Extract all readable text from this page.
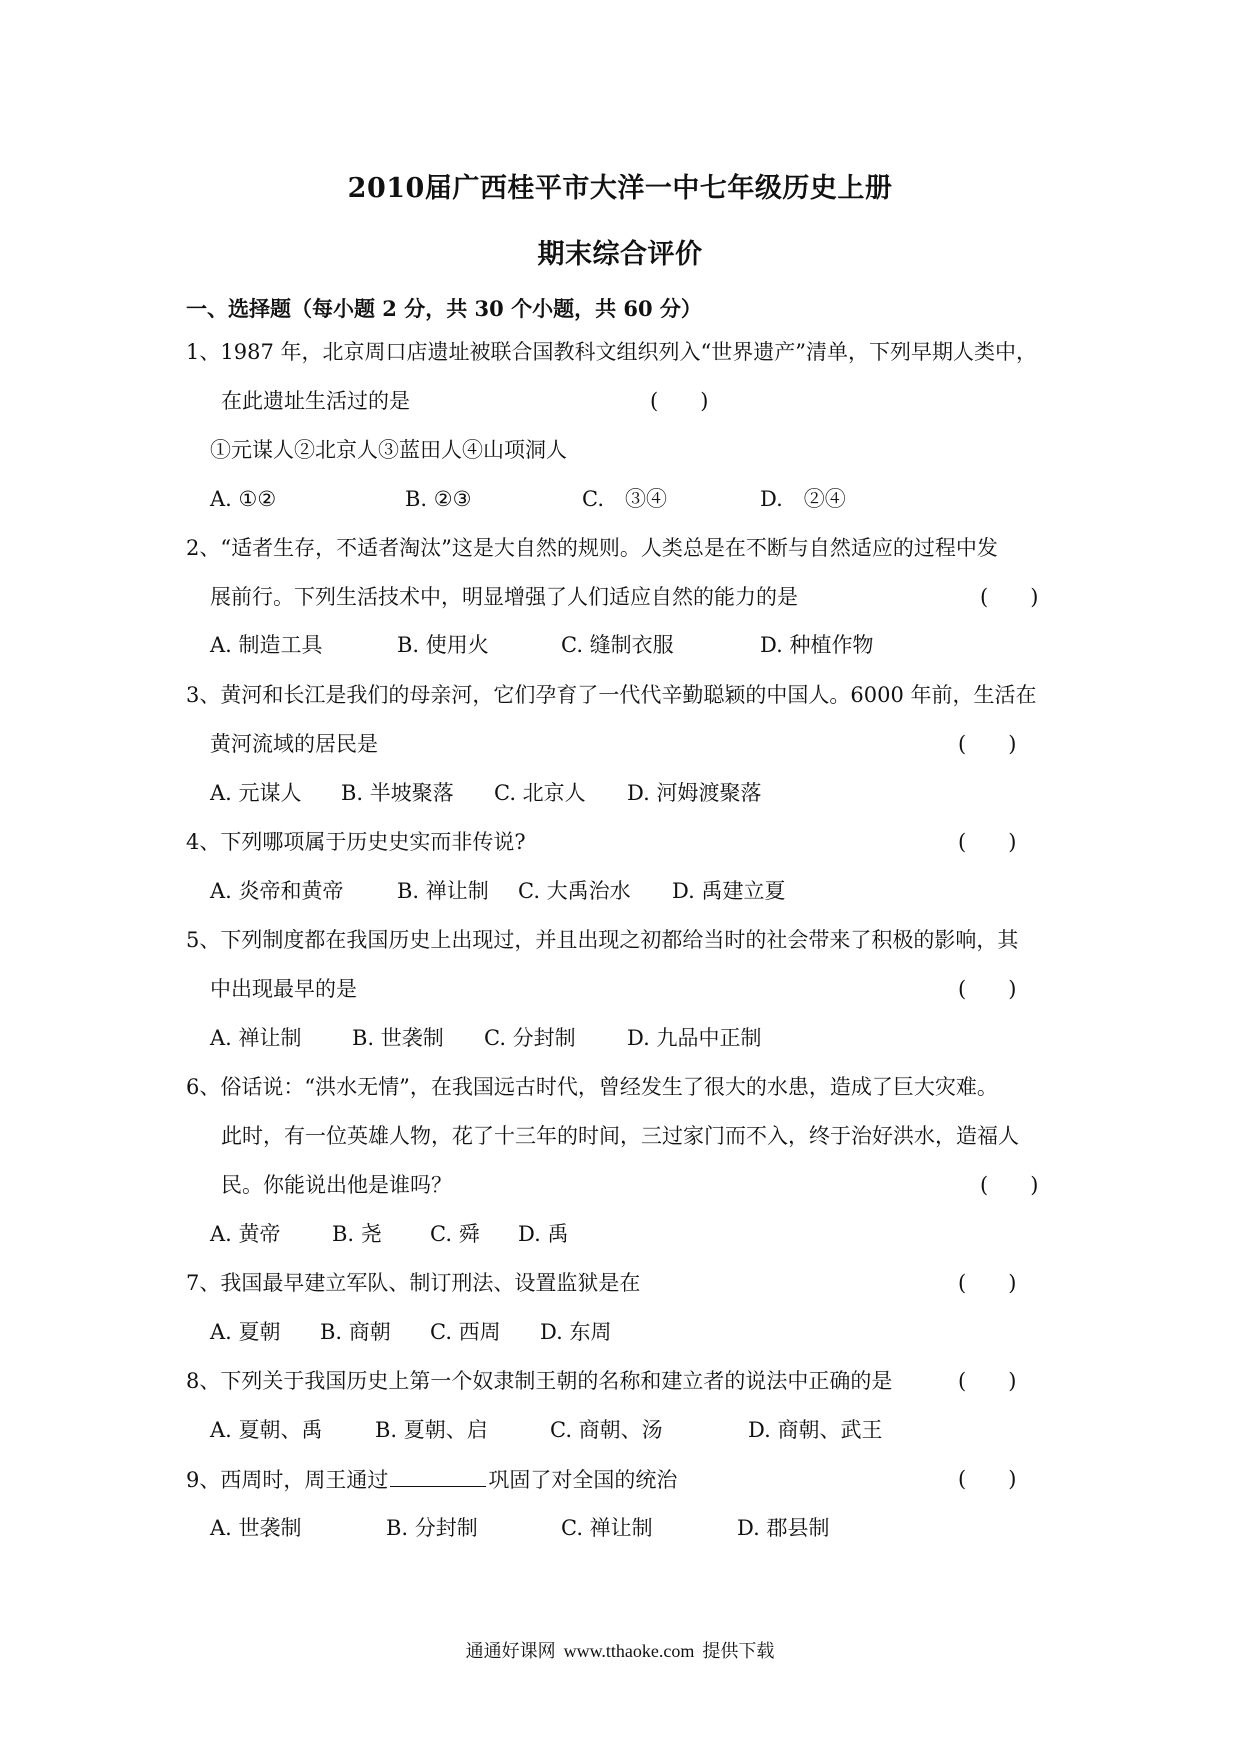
2010届广西桂平市大洋一中七年级历史上册
期末综合评价
一、选择题（每小题 2 分，共 30 个小题，共 60 分）
1、1987 年，北京周口店遗址被联合国教科文组织列入“世界遗产”清单，下列早期人类中，
在此遗址生活过的是	(　　)
①元谋人②北京人③蓝田人④山项洞人
A. ①②	B. ②③	C.　③④	D.　②④
2、“适者生存，不适者淘汰”这是大自然的规则。人类总是在不断与自然适应的过程中发
展前行。下列生活技术中，明显增强了人们适应自然的能力的是	(　　)
A. 制造工具	B. 使用火	C. 缝制衣服	D. 种植作物
3、黄河和长江是我们的母亲河，它们孕育了一代代辛勤聪颖的中国人。6000 年前，生活在
黄河流域的居民是	(　　)
A. 元谋人 B. 半坡聚落 C. 北京人 D. 河姆渡聚落
4、下列哪项属于历史史实而非传说?	(　　)
A. 炎帝和黄帝	B. 禅让制 C. 大禹治水 D. 禹建立夏
5、下列制度都在我国历史上出现过，并且出现之初都给当时的社会带来了积极的影响，其
中出现最早的是	(　　)
A. 禅让制 B. 世袭制 C. 分封制 D. 九品中正制
6、俗话说：“洪水无情”，在我国远古时代，曾经发生了很大的水患，造成了巨大灾难。
此时，有一位英雄人物，花了十三年的时间，三过家门而不入，终于治好洪水，造福人
民。你能说出他是谁吗？	(　　)
A. 黄帝 B. 尧 C. 舜 D. 禹
7、我国最早建立军队、制订刑法、设置监狱是在	(　　)
A. 夏朝 B. 商朝 C. 西周 D. 东周
8、下列关于我国历史上第一个奴隶制王朝的名称和建立者的说法中正确的是	(　　)
A. 夏朝、禹 B. 夏朝、启	C. 商朝、汤	D. 商朝、武王
9、西周时，周王通过	巩固了对全国的统治	(　　)
A. 世袭制	B. 分封制	C. 禅让制	D. 郡县制
通通好课网 www.tthaoke.com 提供下载
